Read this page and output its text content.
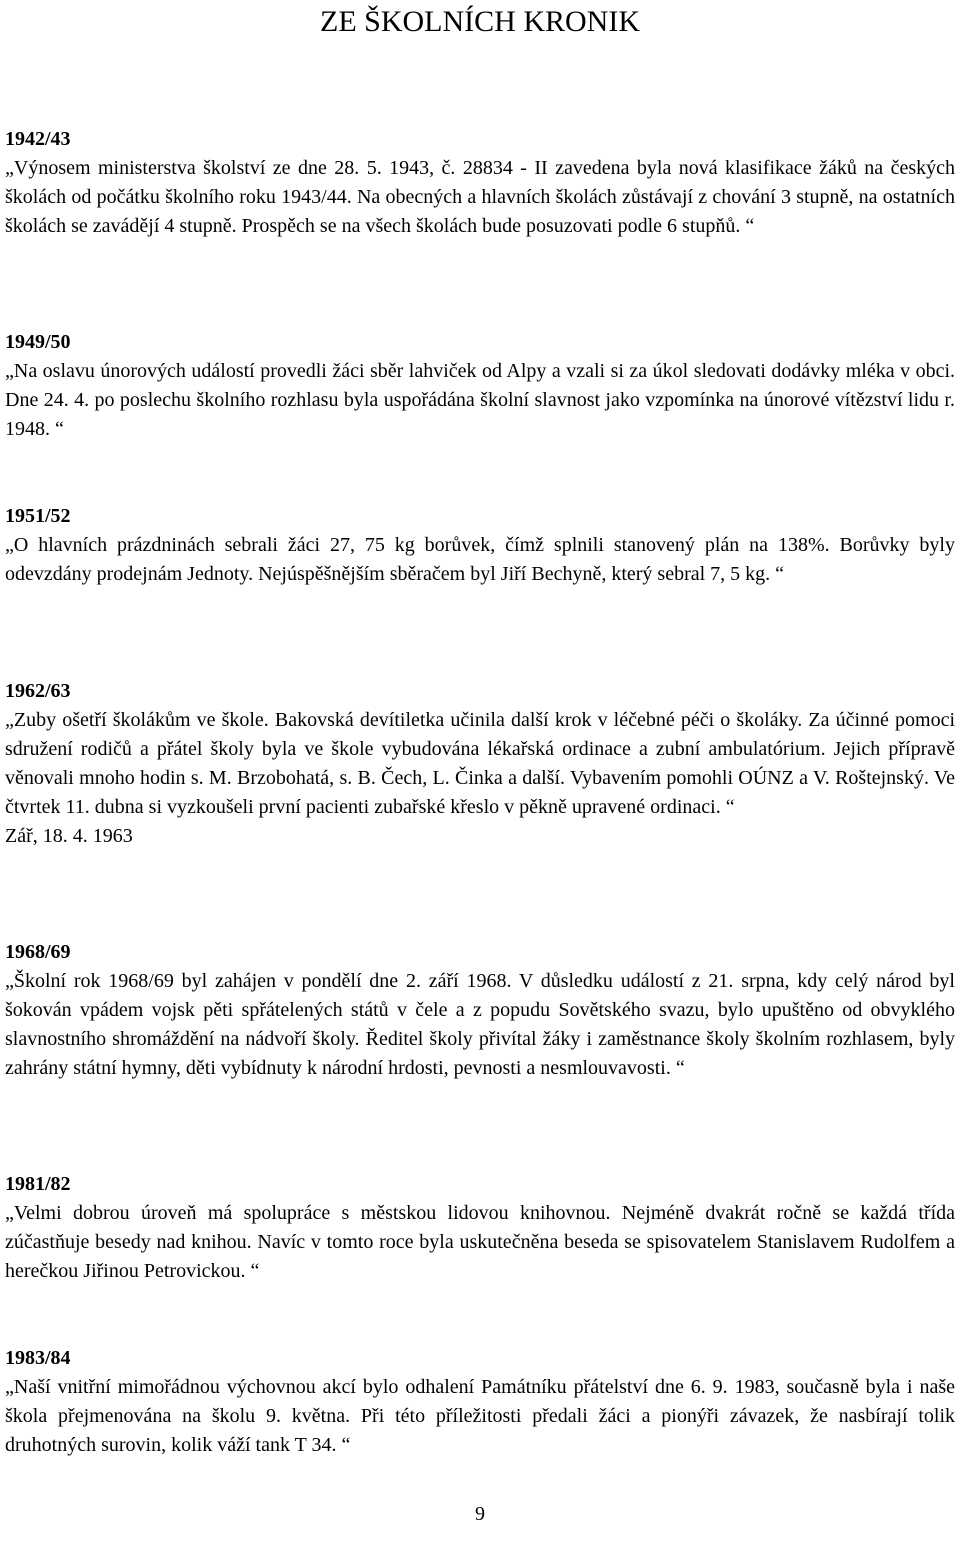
ZE ŠKOLNÍCH KRONIK

1942/43

„Výnosem ministerstva školství ze dne 28. 5. 1943, č. 28834 - II zavedena byla nová klasifikace žáků na českých školách od počátku školního roku 1943/44. Na obecných a hlavních školách zůstávají z chování 3 stupně, na ostatních školách se zavádějí 4 stupně. Prospěch se na všech školách bude posuzovati podle 6 stupňů. “

1949/50

„Na oslavu únorových událostí provedli žáci sběr lahviček od Alpy a vzali si za úkol sledovati dodávky mléka v obci. Dne 24. 4. po poslechu školního rozhlasu byla uspořádána školní slavnost jako vzpomínka na únorové vítězství lidu r. 1948. “

1951/52

„O hlavních prázdninách sebrali žáci 27, 75 kg borůvek, čímž splnili stanovený plán na 138%. Borůvky byly odevzdány prodejnám Jednoty. Nejúspěšnějším sběračem byl Jiří Bechyně, který sebral 7, 5 kg. “

1962/63

„Zuby ošetří školákům ve škole. Bakovská devítiletka učinila další krok v léčebné péči o školáky. Za účinné pomoci sdružení rodičů a přátel školy byla ve škole vybudována lékařská ordinace a zubní ambulatórium. Jejich přípravě věnovali mnoho hodin s. M. Brzobohatá, s. B. Čech, L. Činka a další. Vybavením pomohli OÚNZ a V. Roštejnský. Ve čtvrtek 11. dubna si vyzkoušeli první pacienti zubařské křeslo v pěkně upravené ordinaci. “

Zář, 18. 4. 1963

1968/69

„Školní rok 1968/69 byl zahájen v pondělí dne 2. září 1968. V důsledku událostí z 21. srpna, kdy celý národ byl šokován vpádem vojsk pěti spřátelených států v čele a z popudu Sovětského svazu, bylo upuštěno od obvyklého slavnostního shromáždění na nádvoří školy. Ředitel školy přivítal žáky i zaměstnance školy školním rozhlasem, byly zahrány státní hymny, děti vybídnuty k národní hrdosti, pevnosti a nesmlouvavosti. “

1981/82

„Velmi dobrou úroveň má spolupráce s městskou lidovou knihovnou. Nejméně dvakrát ročně se každá třída zúčastňuje besedy nad knihou. Navíc v tomto roce byla uskutečněna beseda se spisovatelem Stanislavem Rudolfem a herečkou Jiřinou Petrovickou. “

1983/84

„Naší vnitřní mimořádnou výchovnou akcí bylo odhalení Památníku přátelství dne 6. 9. 1983, současně byla i naše škola přejmenována na školu 9. května. Při této příležitosti předali žáci a pionýři závazek, že nasbírají tolik druhotných surovin, kolik váží tank T 34. “

9
